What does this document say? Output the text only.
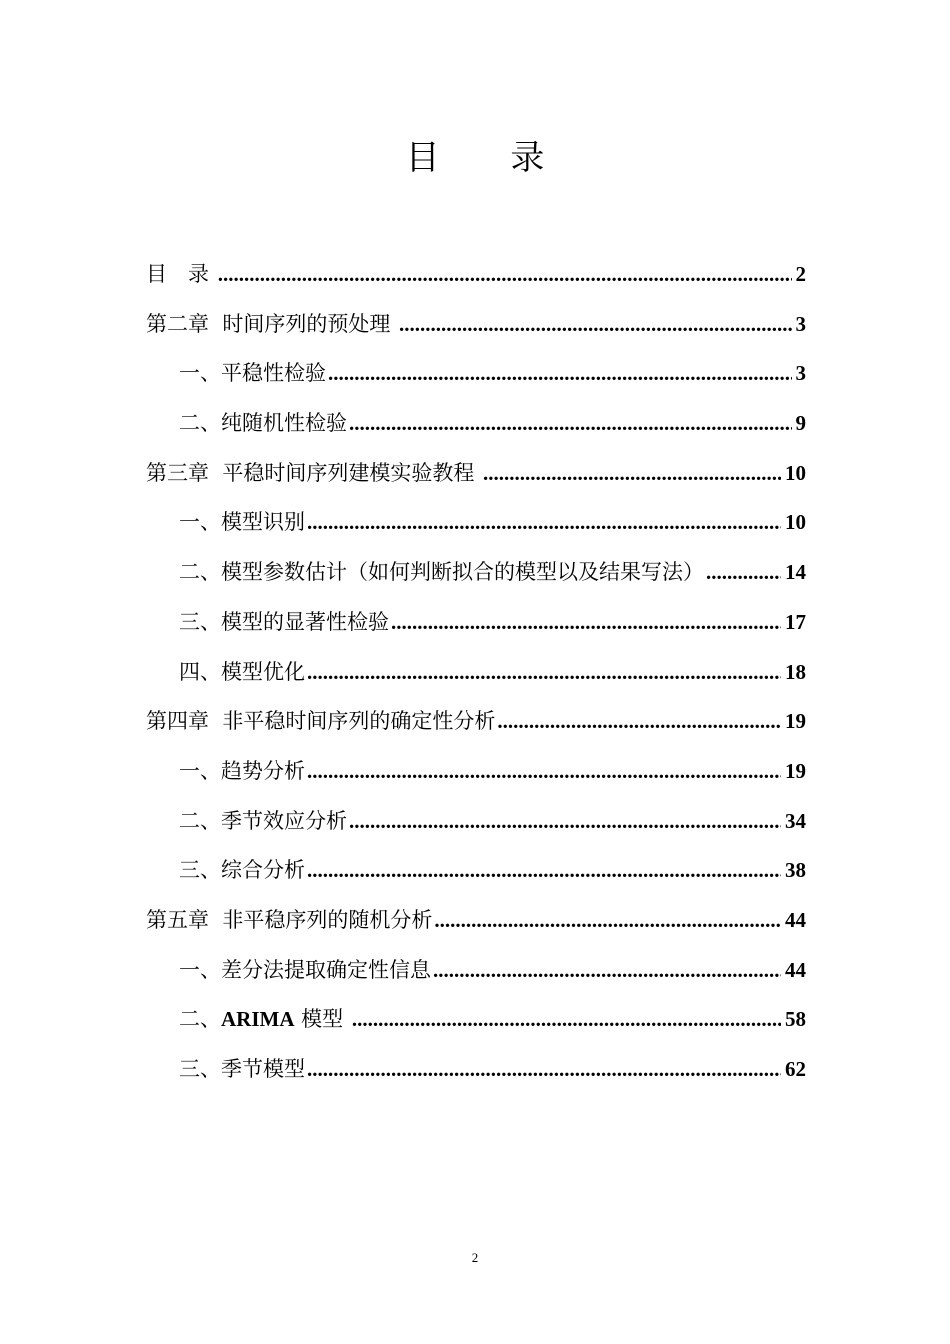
目 录
目　录 .....	2
第二章  时间序列的预处理 .....	3
一、平稳性检验 .....	3
二、纯随机性检验 .....	9
第三章  平稳时间序列建模实验教程 .....	10
一、模型识别 .....	10
二、模型参数估计（如何判断拟合的模型以及结果写法） .....	14
三、模型的显著性检验 .....	17
四、模型优化 .....	18
第四章  非平稳时间序列的确定性分析 .....	19
一、趋势分析 .....	19
二、季节效应分析 .....	34
三、综合分析 .....	38
第五章  非平稳序列的随机分析 .....	44
一、差分法提取确定性信息 .....	44
二、ARIMA 模型 .....	58
三、季节模型 .....	62
2
